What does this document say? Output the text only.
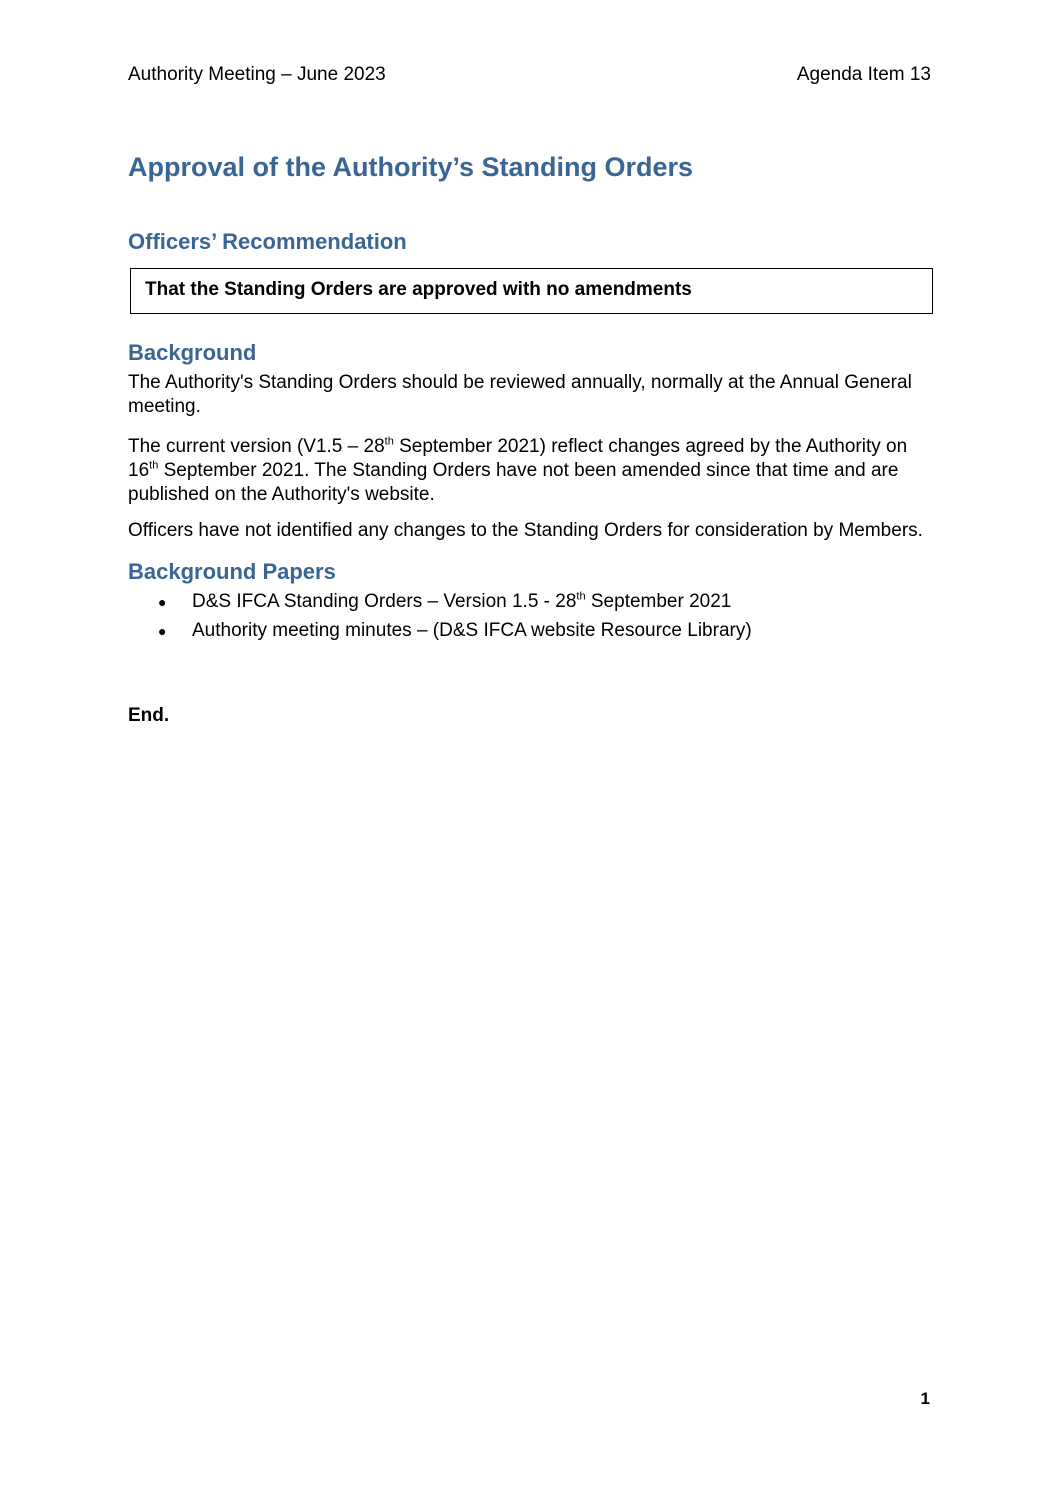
Authority Meeting – June 2023	Agenda Item 13
Approval of the Authority’s Standing Orders
Officers’ Recommendation
That the Standing Orders are approved with no amendments
Background

The Authority's Standing Orders should be reviewed annually, normally at the Annual General meeting.

The current version (V1.5 – 28th September 2021) reflect changes agreed by the Authority on 16th September 2021. The Standing Orders have not been amended since that time and are published on the Authority's website.

Officers have not identified any changes to the Standing Orders for consideration by Members.

Background Papers
● D&S IFCA Standing Orders – Version 1.5 - 28th September 2021
● Authority meeting minutes – (D&S IFCA website Resource Library)
End.
1
